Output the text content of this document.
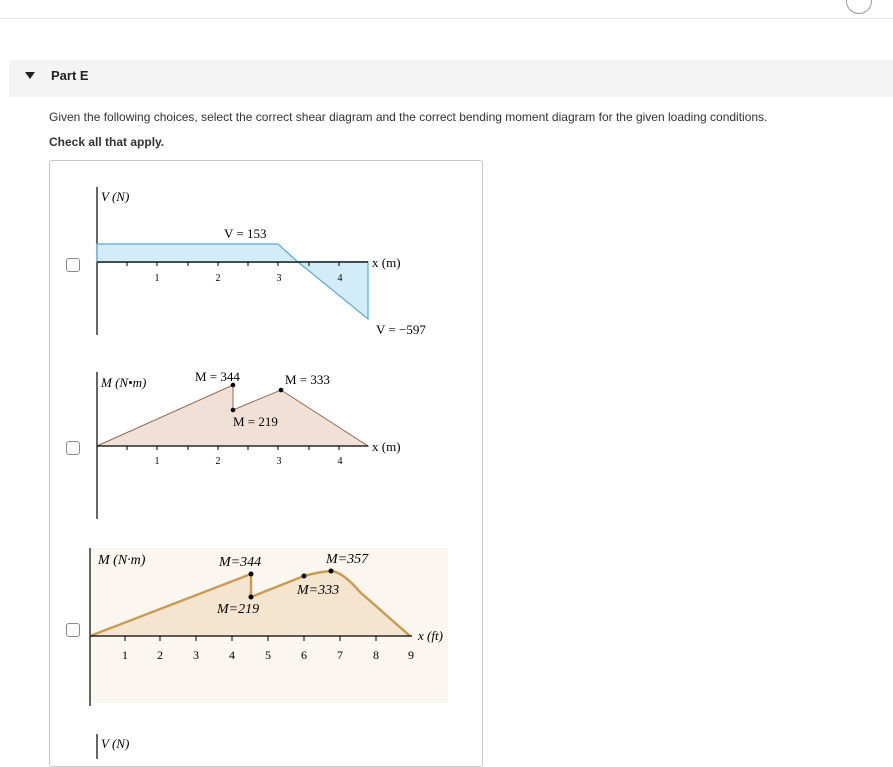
Part E
Given the following choices, select the correct shear diagram and the correct bending moment diagram for the given loading conditions.
Check all that apply.
V (N)
V = 153
V = −597
x (m)
1	2	3	4
M (N•m)	M = 344	M = 333
M = 219
x (m)
1	2	3	4
M (N·m)	M=344	M=357
M=333
M=219
x (ft)
1 2	3	4	5	6	7	8 9
V (N)
